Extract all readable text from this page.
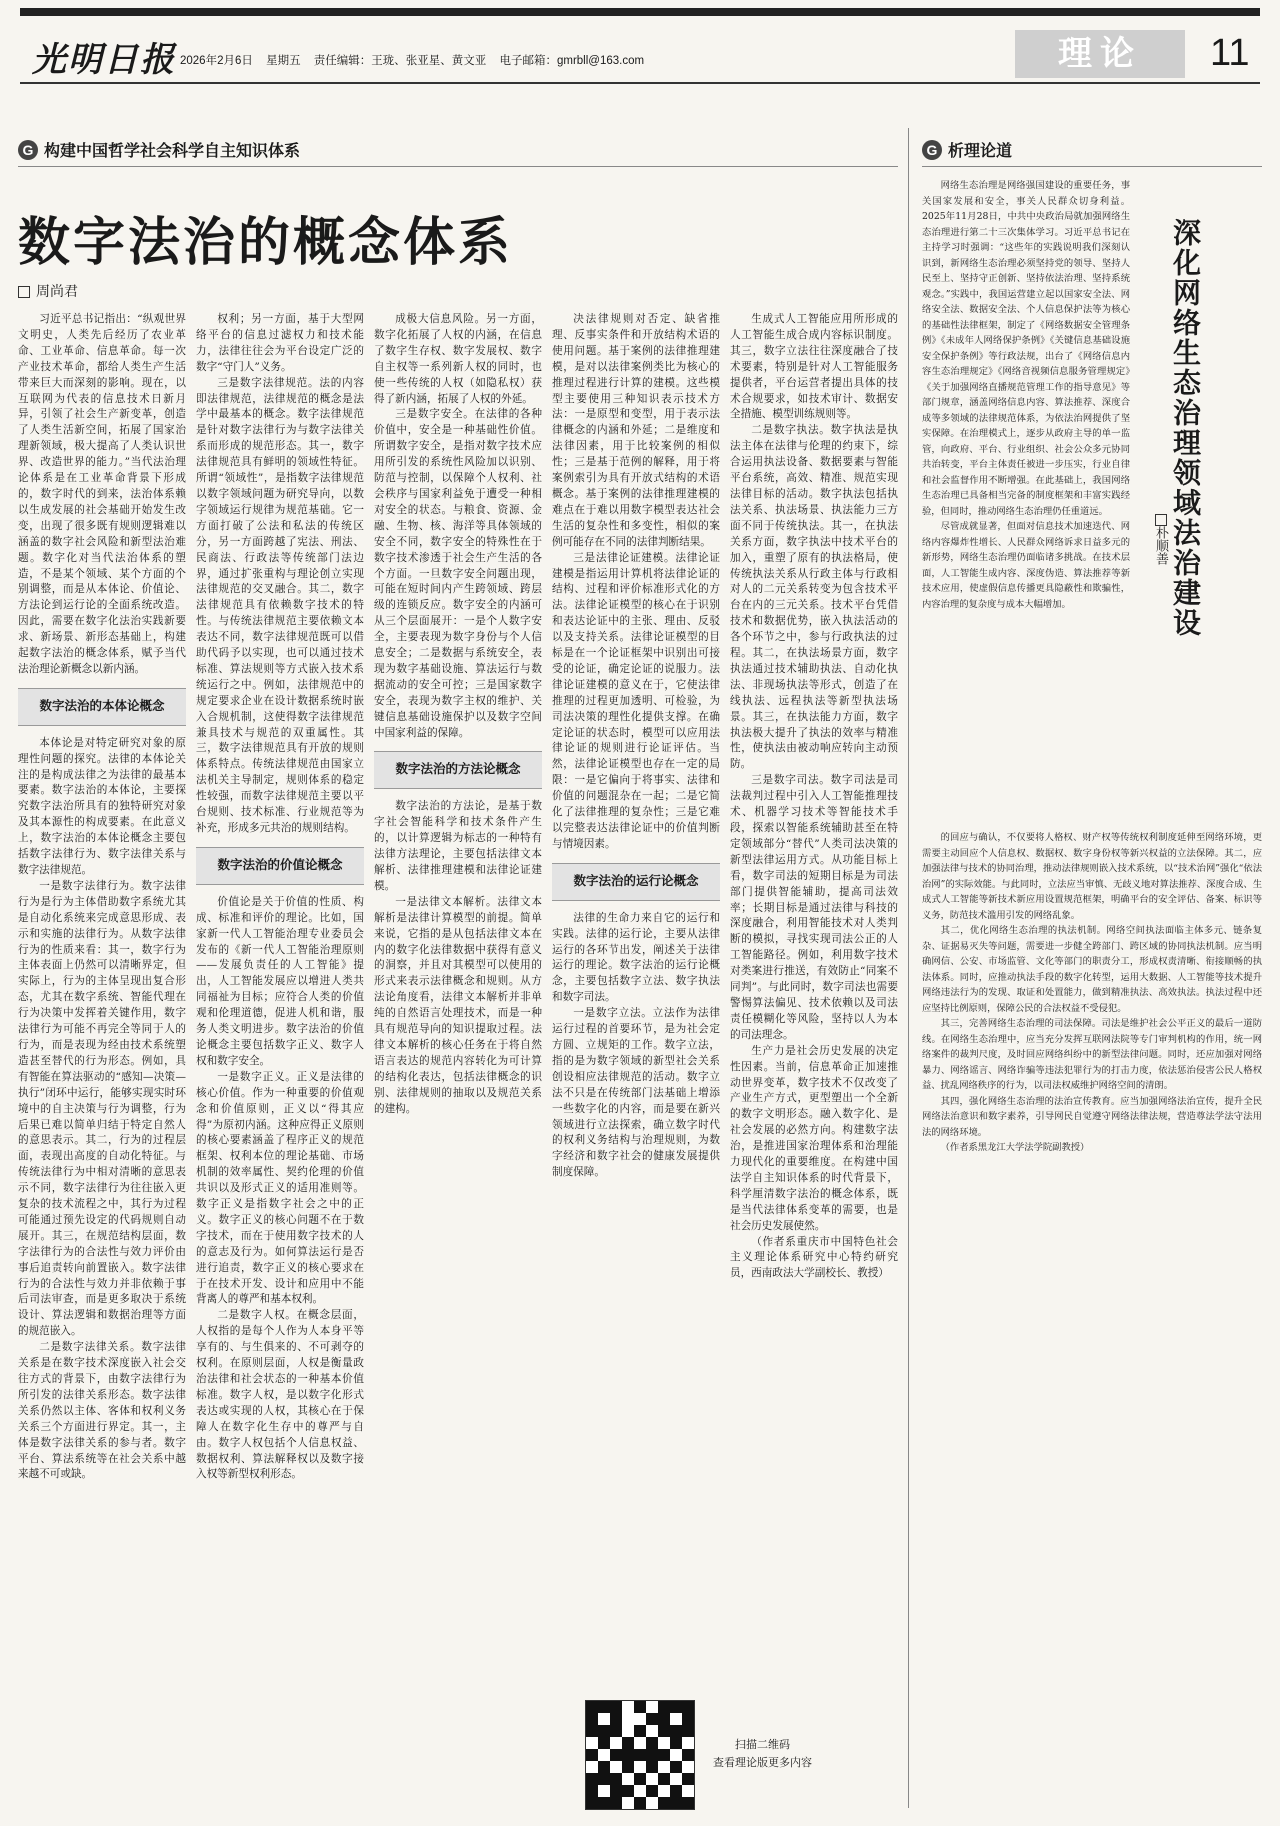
光明日报 2026年2月6日 星期五 责任编辑：王珑、张亚星、黄文亚 电子邮箱：gmrbll@163.com	理论	11
G 构建中国哲学社会科学自主知识体系	G 析理论道
数字法治的概念体系
周尚君

习近平总书记指出：“纵观世界文明史，人类先后经历了农业革命、工业革命、信息革命。每一次产业技术革命，都给人类生产生活带来巨大而深刻的影响。现在，以互联网为代表的信息技术日新月异，引领了社会生产新变革，创造了人类生活新空间，拓展了国家治理新领域，极大提高了人类认识世界、改造世界的能力。”当代法治理论体系是在工业革命背景下形成的，数字时代的到来，法治体系赖以生成发展的社会基础开始发生改变，出现了很多既有规则逻辑难以涵盖的数字社会风险和新型法治难题。数字化对当代法治体系的塑造，不是某个领域、某个方面的个别调整，而是从本体论、价值论、方法论到运行论的全面系统改造。因此，需要在数字化法治实践新要求、新场景、新形态基础上，构建起数字法治的概念体系，赋予当代法治理论新概念以新内涵。

数字法治的本体论概念

本体论是对特定研究对象的原理性问题的探究。法律的本体论关注的是构成法律之为法律的最基本要素。数字法治的本体论，主要探究数字法治所具有的独特研究对象及其本源性的构成要素。在此意义上，数字法治的本体论概念主要包括数字法律行为、数字法律关系与数字法律规范。

一是数字法律行为。数字法律行为是行为主体借助数字系统尤其是自动化系统来完成意思形成、表示和实施的法律行为。从数字法律行为的性质来看：其一，数字行为主体表面上仍然可以清晰界定，但实际上，行为的主体呈现出复合形态，尤其在数字系统、智能代理在行为决策中发挥着关键作用，数字法律行为可能不再完全等同于人的行为，而是表现为经由技术系统塑造甚至替代的行为形态。例如，具有智能在算法驱动的“感知—决策—执行”闭环中运行，能够实现实时环境中的自主决策与行为调整，行为后果已难以简单归结于特定自然人的意思表示。其二，行为的过程层面，表现出高度的自动化特征。与传统法律行为中相对清晰的意思表示不同，数字法律行为往往嵌入更复杂的技术流程之中，其行为过程可能通过预先设定的代码规则自动展开。其三，在规范结构层面，数字法律行为的合法性与效力评价由事后追责转向前置嵌入。数字法律行为的合法性与效力并非依赖于事后司法审查，而是更多取决于系统设计、算法逻辑和数据治理等方面的规范嵌入。

二是数字法律关系。数字法律关系是在数字技术深度嵌入社会交往方式的背景下，由数字法律行为所引发的法律关系形态。数字法律关系仍然以主体、客体和权利义务关系三个方面进行界定。其一，主体是数字法律关系的参与者。数字平台、算法系统等在社会关系中越来越不可或缺。

权利；另一方面，基于大型网络平台的信息过滤权力和技术能力，法律往往会为平台设定广泛的数字“守门人”义务。

三是数字法律规范。法的内容即法律规范，法律规范的概念是法学中最基本的概念。数字法律规范是针对数字法律行为与数字法律关系而形成的规范形态。其一，数字法律规范具有鲜明的领域性特征。所谓“领域性”，是指数字法律规范以数字领域问题为研究导向，以数字领域运行规律为规范基础。它一方面打破了公法和私法的传统区分，另一方面跨越了宪法、刑法、民商法、行政法等传统部门法边界，通过扩张重构与理论创立实现法律规范的交叉融合。其二，数字法律规范具有依赖数字技术的特性。与传统法律规范主要依赖文本表达不同，数字法律规范既可以借助代码予以实现，也可以通过技术标准、算法规则等方式嵌入技术系统运行之中。例如，法律规范中的规定要求企业在设计数据系统时嵌入合规机制，这使得数字法律规范兼具技术与规范的双重属性。其三，数字法律规范具有开放的规则体系特点。传统法律规范由国家立法机关主导制定，规则体系的稳定性较强，而数字法律规范主要以平台规则、技术标准、行业规范等为补充，形成多元共治的规则结构。

数字法治的价值论概念

价值论是关于价值的性质、构成、标准和评价的理论。比如，国家新一代人工智能治理专业委员会发布的《新一代人工智能治理原则——发展负责任的人工智能》提出，人工智能发展应以增进人类共同福祉为目标；应符合人类的价值观和伦理道德，促进人机和谐，服务人类文明进步。数字法治的价值论概念主要包括数字正义、数字人权和数字安全。

一是数字正义。正义是法律的核心价值。作为一种重要的价值观念和价值原则，正义以“得其应得”为原初内涵。这种应得正义原则的核心要素涵盖了程序正义的规范框架、权利本位的理论基础、市场机制的效率属性、契约伦理的价值共识以及形式正义的适用准则等。数字正义是指数字社会之中的正义。数字正义的核心问题不在于数字技术，而在于使用数字技术的人的意志及行为。如何算法运行是否进行追责，数字正义的核心要求在于在技术开发、设计和应用中不能背离人的尊严和基本权利。

二是数字人权。在概念层面，人权指的是每个人作为人本身平等享有的、与生俱来的、不可剥夺的权利。在原则层面，人权是衡量政治法律和社会状态的一种基本价值标准。数字人权，是以数字化形式表达或实现的人权，其核心在于保障人在数字化生存中的尊严与自由。数字人权包括个人信息权益、数据权利、算法解释权以及数字接入权等新型权利形态。

成极大信息风险。另一方面，数字化拓展了人权的内涵，在信息了数字生存权、数字发展权、数字自主权等一系列新人权的同时，也使一些传统的人权（如隐私权）获得了新内涵，拓展了人权的外延。

三是数字安全。在法律的各种价值中，安全是一种基础性价值。所谓数字安全，是指对数字技术应用所引发的系统性风险加以识别、防范与控制，以保障个人权利、社会秩序与国家利益免于遭受一种相对安全的状态。与粮食、资源、金融、生物、核、海洋等具体领域的安全不同，数字安全的特殊性在于数字技术渗透于社会生产生活的各个方面。一旦数字安全问题出现，可能在短时间内产生跨领域、跨层级的连锁反应。数字安全的内涵可从三个层面展开：一是个人数字安全，主要表现为数字身份与个人信息安全；二是数据与系统安全，表现为数字基础设施、算法运行与数据流动的安全可控；三是国家数字安全，表现为数字主权的维护、关键信息基础设施保护以及数字空间中国家利益的保障。

数字法治的方法论概念

数字法治的方法论，是基于数字社会智能科学和技术条件产生的，以计算逻辑为标志的一种特有法律方法理论，主要包括法律文本解析、法律推理建模和法律论证建模。

一是法律文本解析。法律文本解析是法律计算模型的前提。简单来说，它指的是从包括法律文本在内的数字化法律数据中获得有意义的洞察，并且对其模型可以使用的形式来表示法律概念和规则。从方法论角度看，法律文本解析并非单纯的自然语言处理技术，而是一种具有规范导向的知识提取过程。法律文本解析的核心任务在于将自然语言表达的规范内容转化为可计算的结构化表达，包括法律概念的识别、法律规则的抽取以及规范关系的建构。

决法律规则对否定、缺省推理、反事实条件和开放结构术语的使用问题。基于案例的法律推理建模，是对以法律案例类比为核心的推理过程进行计算的建模。这些模型主要使用三种知识表示技术方法：一是原型和变型，用于表示法律概念的内涵和外延；二是维度和法律因素，用于比较案例的相似性；三是基于范例的解释，用于将案例索引为具有开放式结构的术语概念。基于案例的法律推理建模的难点在于难以用数字模型表达社会生活的复杂性和多变性，相似的案例可能存在不同的法律判断结果。

三是法律论证建模。法律论证建模是指运用计算机将法律论证的结构、过程和评价标准形式化的方法。法律论证模型的核心在于识别和表达论证中的主张、理由、反驳以及支持关系。法律论证模型的目标是在一个论证框架中识别出可接受的论证，确定论证的说服力。法律论证建模的意义在于，它使法律推理的过程更加透明、可检验，为司法决策的理性化提供支撑。在确定论证的状态时，模型可以应用法律论证的规则进行论证评估。当然，法律论证模型也存在一定的局限：一是它偏向于将事实、法律和价值的问题混杂在一起；二是它简化了法律推理的复杂性；三是它难以完整表达法律论证中的价值判断与情境因素。

数字法治的运行论概念

法律的生命力来自它的运行和实践。法律的运行论，主要从法律运行的各环节出发，阐述关于法律运行的理论。数字法治的运行论概念，主要包括数字立法、数字执法和数字司法。

一是数字立法。立法作为法律运行过程的首要环节，是为社会定方圆、立规矩的工作。数字立法，指的是为数字领域的新型社会关系创设相应法律规范的活动。数字立法不只是在传统部门法基础上增添一些数字化的内容，而是要在新兴领域进行立法探索，确立数字时代的权利义务结构与治理规则，为数字经济和数字社会的健康发展提供制度保障。

生成式人工智能应用所形成的人工智能生成合成内容标识制度。其三，数字立法往往深度融合了技术要素，特别是针对人工智能服务提供者，平台运营者提出具体的技术合规要求，如技术审计、数据安全措施、模型训练规则等。

二是数字执法。数字执法是执法主体在法律与伦理的约束下，综合运用执法设备、数据要素与智能平台系统，高效、精准、规范实现法律目标的活动。数字执法包括执法关系、执法场景、执法能力三方面不同于传统执法。其一，在执法关系方面，数字执法中技术平台的加入，重塑了原有的执法格局，使传统执法关系从行政主体与行政相对人的二元关系转变为包含技术平台在内的三元关系。技术平台凭借技术和数据优势，嵌入执法活动的各个环节之中，参与行政执法的过程。其二，在执法场景方面，数字执法通过技术辅助执法、自动化执法、非现场执法等形式，创造了在线执法、远程执法等新型执法场景。其三，在执法能力方面，数字执法极大提升了执法的效率与精准性，使执法由被动响应转向主动预防。

三是数字司法。数字司法是司法裁判过程中引入人工智能推理技术、机器学习技术等智能技术手段，探索以智能系统辅助甚至在特定领域部分“替代”人类司法决策的新型法律运用方式。从功能目标上看，数字司法的短期目标是为司法部门提供智能辅助，提高司法效率；长期目标是通过法律与科技的深度融合，利用智能技术对人类判断的模拟，寻找实现司法公正的人工智能路径。例如，利用数字技术对类案进行推送，有效防止“同案不同判”。与此同时，数字司法也需要警惕算法偏见、技术依赖以及司法责任模糊化等风险，坚持以人为本的司法理念。

生产力是社会历史发展的决定性因素。当前，信息革命正加速推动世界变革，数字技术不仅改变了产业生产方式，更型塑出一个全新的数字文明形态。融入数字化、是社会发展的必然方向。构建数字法治，是推进国家治理体系和治理能力现代化的重要维度。在构建中国法学自主知识体系的时代背景下，科学厘清数字法治的概念体系，既是当代法律体系变革的需要，也是社会历史发展使然。

（作者系重庆市中国特色社会主义理论体系研究中心特约研究员，西南政法大学副校长、教授）

扫描二维码
查看理论版更多内容
深化网络生态治理领域法治建设
朴顺善

网络生态治理是网络强国建设的重要任务，事关国家发展和安全，事关人民群众切身利益。2025年11月28日，中共中央政治局就加强网络生态治理进行第二十三次集体学习。习近平总书记在主持学习时强调：“这些年的实践说明我们深刻认识到，新网络生态治理必须坚持党的领导、坚持人民至上、坚持守正创新、坚持依法治理、坚持系统观念。”实践中，我国运营建立起以国家安全法、网络安全法、数据安全法、个人信息保护法等为核心的基础性法律框架，制定了《网络数据安全管理条例》《未成年人网络保护条例》《关键信息基础设施安全保护条例》等行政法规，出台了《网络信息内容生态治理规定》《网络音视频信息服务管理规定》《关于加强网络直播规范管理工作的指导意见》等部门规章，涵盖网络信息内容、算法推荐、深度合成等多领域的法律规范体系，为依法治网提供了坚实保障。在治理模式上，逐步从政府主导的单一监管，向政府、平台、行业组织、社会公众多元协同共治转变，平台主体责任被进一步压实，行业自律和社会监督作用不断增强。在此基础上，我国网络生态治理已具备相当完备的制度框架和丰富实践经验，但同时，推动网络生态治理仍任重道远。

尽管成就显著，但面对信息技术加速迭代、网络内容爆炸性增长、人民群众网络诉求日益多元的新形势，网络生态治理仍面临诸多挑战。在技术层面，人工智能生成内容、深度伪造、算法推荐等新技术应用，使虚假信息传播更具隐蔽性和欺骗性，内容治理的复杂度与成本大幅增加。

的回应与确认，不仅要将人格权、财产权等传统权利制度延伸至网络环境，更需要主动回应个人信息权、数据权、数字身份权等新兴权益的立法保障。其二，应加强法律与技术的协同治理，推动法律规则嵌入技术系统，以“技术治网”强化“依法治网”的实际效能。与此同时，立法应当审慎、无歧义地对算法推荐、深度合成、生成式人工智能等新技术新应用设置规范框架，明确平台的安全评估、备案、标识等义务，防范技术滥用引发的网络乱象。

其二，优化网络生态治理的执法机制。网络空间执法面临主体多元、链条复杂、证据易灭失等问题，需要进一步健全跨部门、跨区域的协同执法机制。应当明确网信、公安、市场监管、文化等部门的职责分工，形成权责清晰、衔接顺畅的执法体系。同时，应推动执法手段的数字化转型，运用大数据、人工智能等技术提升网络违法行为的发现、取证和处置能力，做到精准执法、高效执法。执法过程中还应坚持比例原则，保障公民的合法权益不受侵犯。

其三，完善网络生态治理的司法保障。司法是维护社会公平正义的最后一道防线。在网络生态治理中，应当充分发挥互联网法院等专门审判机构的作用，统一网络案件的裁判尺度，及时回应网络纠纷中的新型法律问题。同时，还应加强对网络暴力、网络谣言、网络诈骗等违法犯罪行为的打击力度，依法惩治侵害公民人格权益、扰乱网络秩序的行为，以司法权威维护网络空间的清朗。

其四，强化网络生态治理的法治宣传教育。应当加强网络法治宣传，提升全民网络法治意识和数字素养，引导网民自觉遵守网络法律法规，营造尊法学法守法用法的网络环境。

（作者系黑龙江大学法学院副教授）
